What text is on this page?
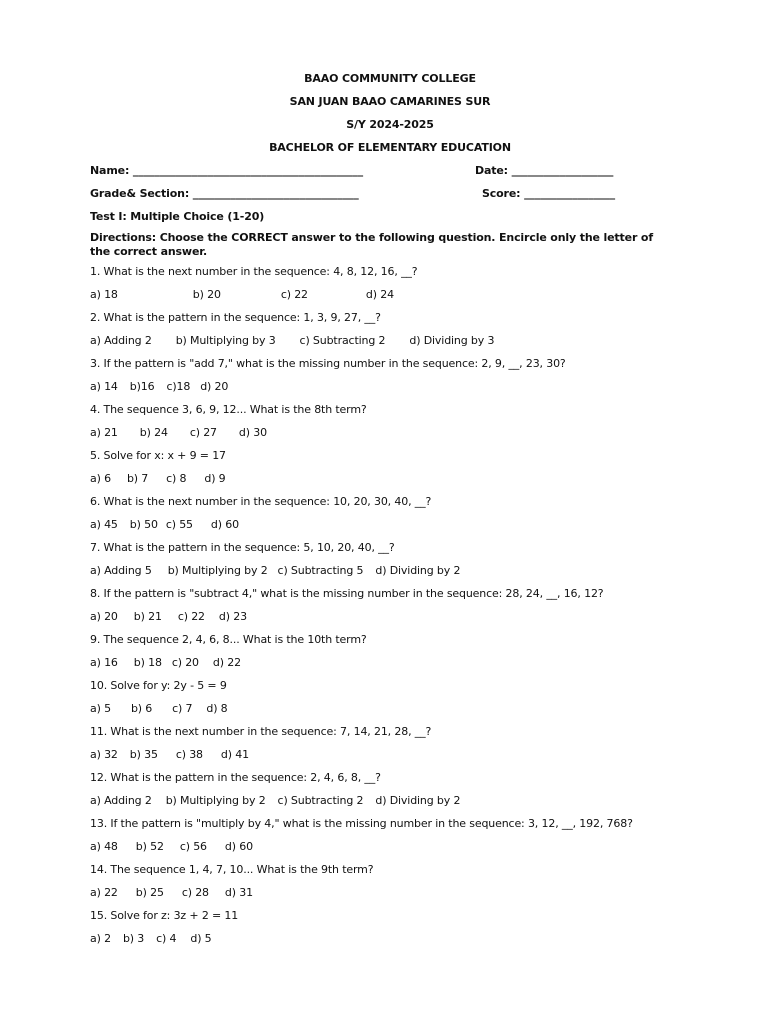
BAAO COMMUNITY COLLEGE
SAN JUAN BAAO CAMARINES SUR
S/Y 2024-2025
BACHELOR OF ELEMENTARY EDUCATION
Name: ___________________________________________	Date: ___________________
Grade& Section: _______________________________	Score: _________________
Test I: Multiple Choice (1-20)
Directions: Choose the CORRECT answer to the following question. Encircle only the letter of the correct answer.
1. What is the next number in the sequence: 4, 8, 12, 16, __?
a) 18	b) 20	c) 22	d) 24
2. What is the pattern in the sequence: 1, 3, 9, 27, __?
a) Adding 2 b) Multiplying by 3 c) Subtracting 2 d) Dividing by 3
3. If the pattern is "add 7," what is the missing number in the sequence: 2, 9, __, 23, 30?
a) 14 b)16 c)18 d) 20
4. The sequence 3, 6, 9, 12... What is the 8th term?
a) 21 b) 24 c) 27 d) 30
5. Solve for x: x + 9 = 17
a) 6 b) 7 c) 8 d) 9
6. What is the next number in the sequence: 10, 20, 30, 40, __?
a) 45 b) 50 c) 55 d) 60
7. What is the pattern in the sequence: 5, 10, 20, 40, __?
a) Adding 5 b) Multiplying by 2 c) Subtracting 5 d) Dividing by 2
8. If the pattern is "subtract 4," what is the missing number in the sequence: 28, 24, __, 16, 12?
a) 20 b) 21 c) 22 d) 23
9. The sequence 2, 4, 6, 8... What is the 10th term?
a) 16 b) 18 c) 20 d) 22
10. Solve for y: 2y - 5 = 9
a) 5 b) 6 c) 7 d) 8
11. What is the next number in the sequence: 7, 14, 21, 28, __?
a) 32 b) 35 c) 38 d) 41
12. What is the pattern in the sequence: 2, 4, 6, 8, __?
a) Adding 2 b) Multiplying by 2 c) Subtracting 2 d) Dividing by 2
13. If the pattern is "multiply by 4," what is the missing number in the sequence: 3, 12, __, 192, 768?
a) 48 b) 52 c) 56 d) 60
14. The sequence 1, 4, 7, 10... What is the 9th term?
a) 22 b) 25 c) 28 d) 31
15. Solve for z: 3z + 2 = 11
a) 2 b) 3 c) 4 d) 5
